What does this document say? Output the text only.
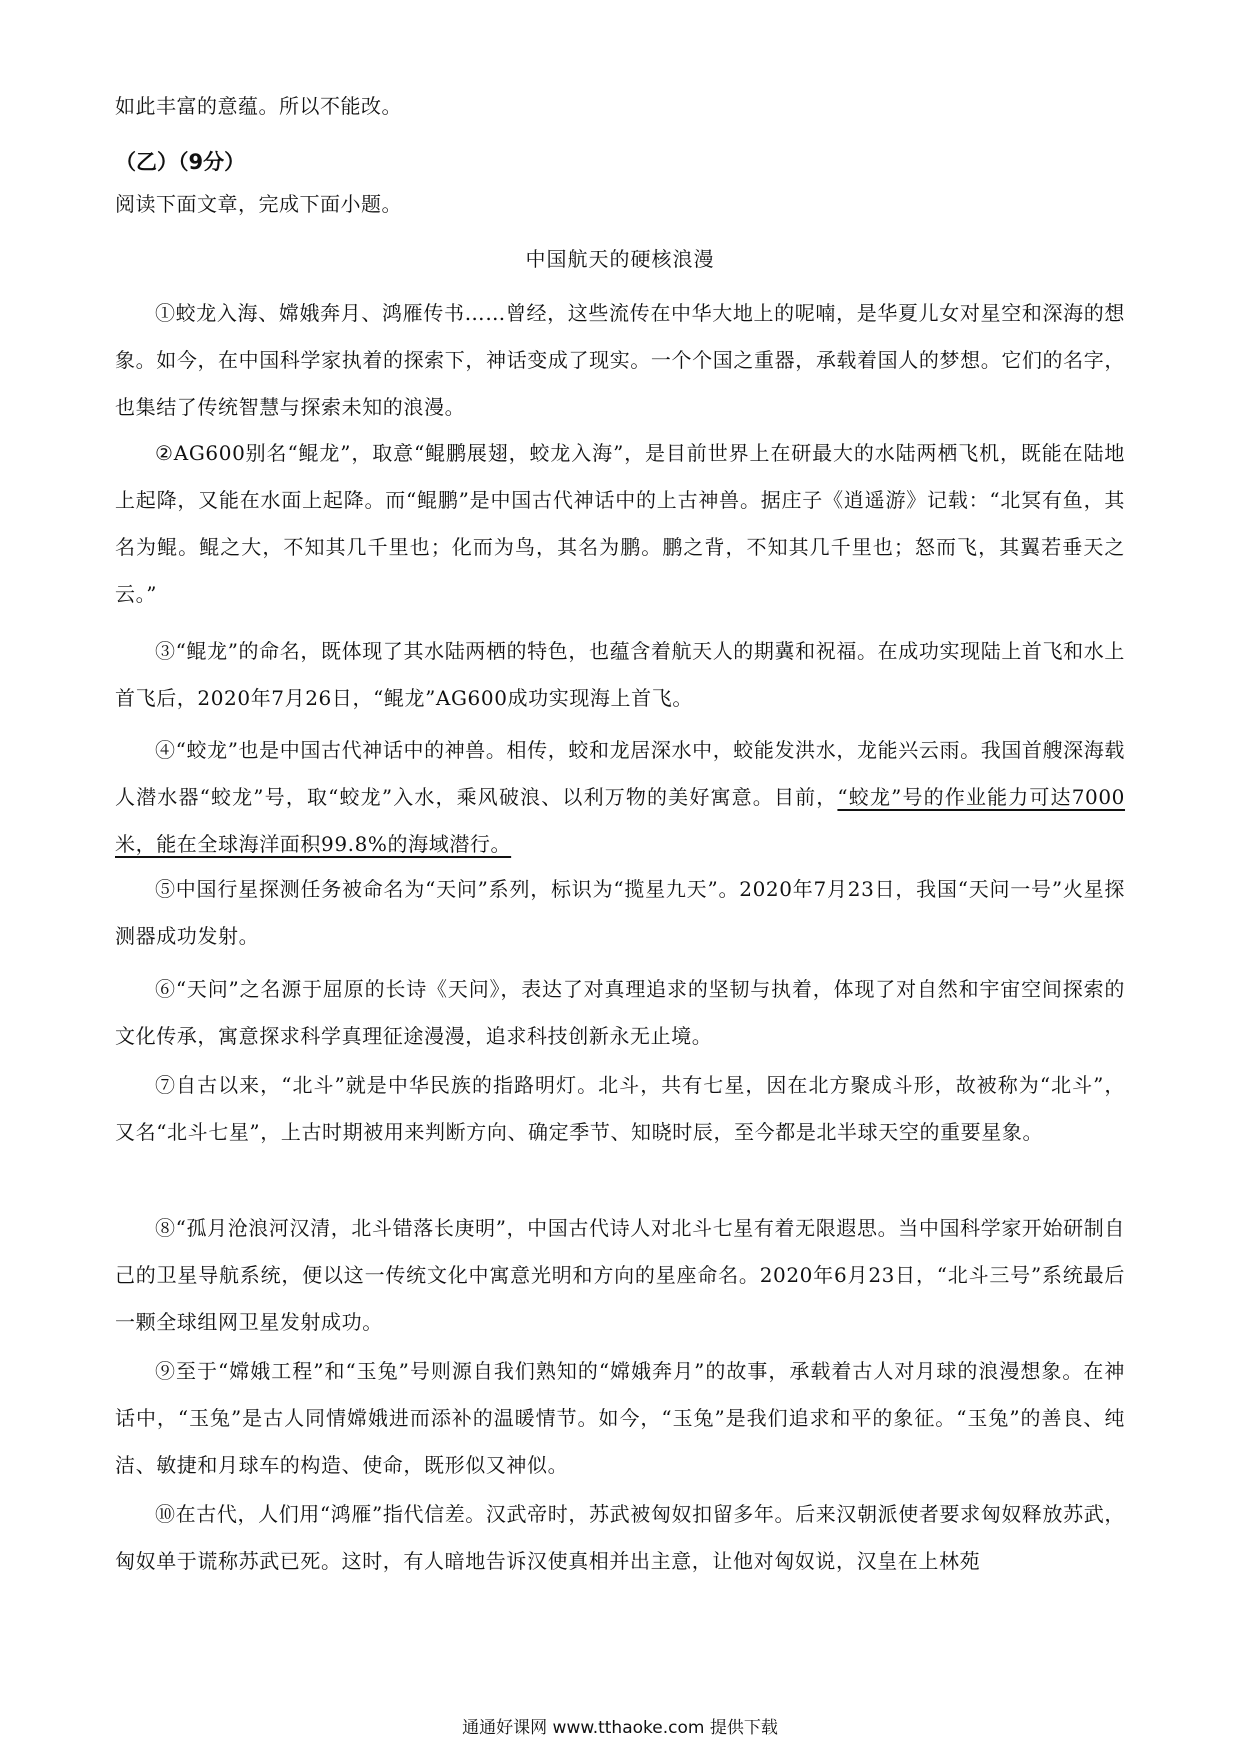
如此丰富的意蕴。所以不能改。
（乙）（9分）
阅读下面文章，完成下面小题。
中国航天的硬核浪漫
①蛟龙入海、嫦娥奔月、鸿雁传书……曾经，这些流传在中华大地上的呢喃，是华夏儿女对星空和深海的想象。如今，在中国科学家执着的探索下，神话变成了现实。一个个国之重器，承载着国人的梦想。它们的名字，也集结了传统智慧与探索未知的浪漫。
②AG600别名“鲲龙”，取意“鲲鹏展翅，蛟龙入海”，是目前世界上在研最大的水陆两栖飞机，既能在陆地上起降，又能在水面上起降。而“鲲鹏”是中国古代神话中的上古神兽。据庄子《逍遥游》记载：“北冥有鱼，其名为鲲。鲲之大，不知其几千里也；化而为鸟，其名为鹏。鹏之背，不知其几千里也；怒而飞，其翼若垂天之云。”
③“鲲龙”的命名，既体现了其水陆两栖的特色，也蕴含着航天人的期冀和祝福。在成功实现陆上首飞和水上首飞后，2020年7月26日，“鲲龙”AG600成功实现海上首飞。
④“蛟龙”也是中国古代神话中的神兽。相传，蛟和龙居深水中，蛟能发洪水，龙能兴云雨。我国首艘深海载人潜水器“蛟龙”号，取“蛟龙”入水，乘风破浪、以利万物的美好寓意。目前，“蛟龙”号的作业能力可达7000米，能在全球海洋面积99.8%的海域潜行。
⑤中国行星探测任务被命名为“天问”系列，标识为“揽星九天”。2020年7月23日，我国“天问一号”火星探测器成功发射。
⑥“天问”之名源于屈原的长诗《天问》，表达了对真理追求的坚韧与执着，体现了对自然和宇宙空间探索的文化传承，寓意探求科学真理征途漫漫，追求科技创新永无止境。
⑦自古以来，“北斗”就是中华民族的指路明灯。北斗，共有七星，因在北方聚成斗形，故被称为“北斗”，又名“北斗七星”，上古时期被用来判断方向、确定季节、知晓时辰，至今都是北半球天空的重要星象。
⑧“孤月沧浪河汉清，北斗错落长庚明”，中国古代诗人对北斗七星有着无限遐思。当中国科学家开始研制自己的卫星导航系统，便以这一传统文化中寓意光明和方向的星座命名。2020年6月23日，“北斗三号”系统最后一颗全球组网卫星发射成功。
⑨至于“嫦娥工程”和“玉兔”号则源自我们熟知的“嫦娥奔月”的故事，承载着古人对月球的浪漫想象。在神话中，“玉兔”是古人同情嫦娥进而添补的温暖情节。如今，“玉兔”是我们追求和平的象征。“玉兔”的善良、纯洁、敏捷和月球车的构造、使命，既形似又神似。
⑩在古代，人们用“鸿雁”指代信差。汉武帝时，苏武被匈奴扣留多年。后来汉朝派使者要求匈奴释放苏武，匈奴单于谎称苏武已死。这时，有人暗地告诉汉使真相并出主意，让他对匈奴说，汉皇在上林苑
通通好课网 www.tthaoke.com 提供下载
